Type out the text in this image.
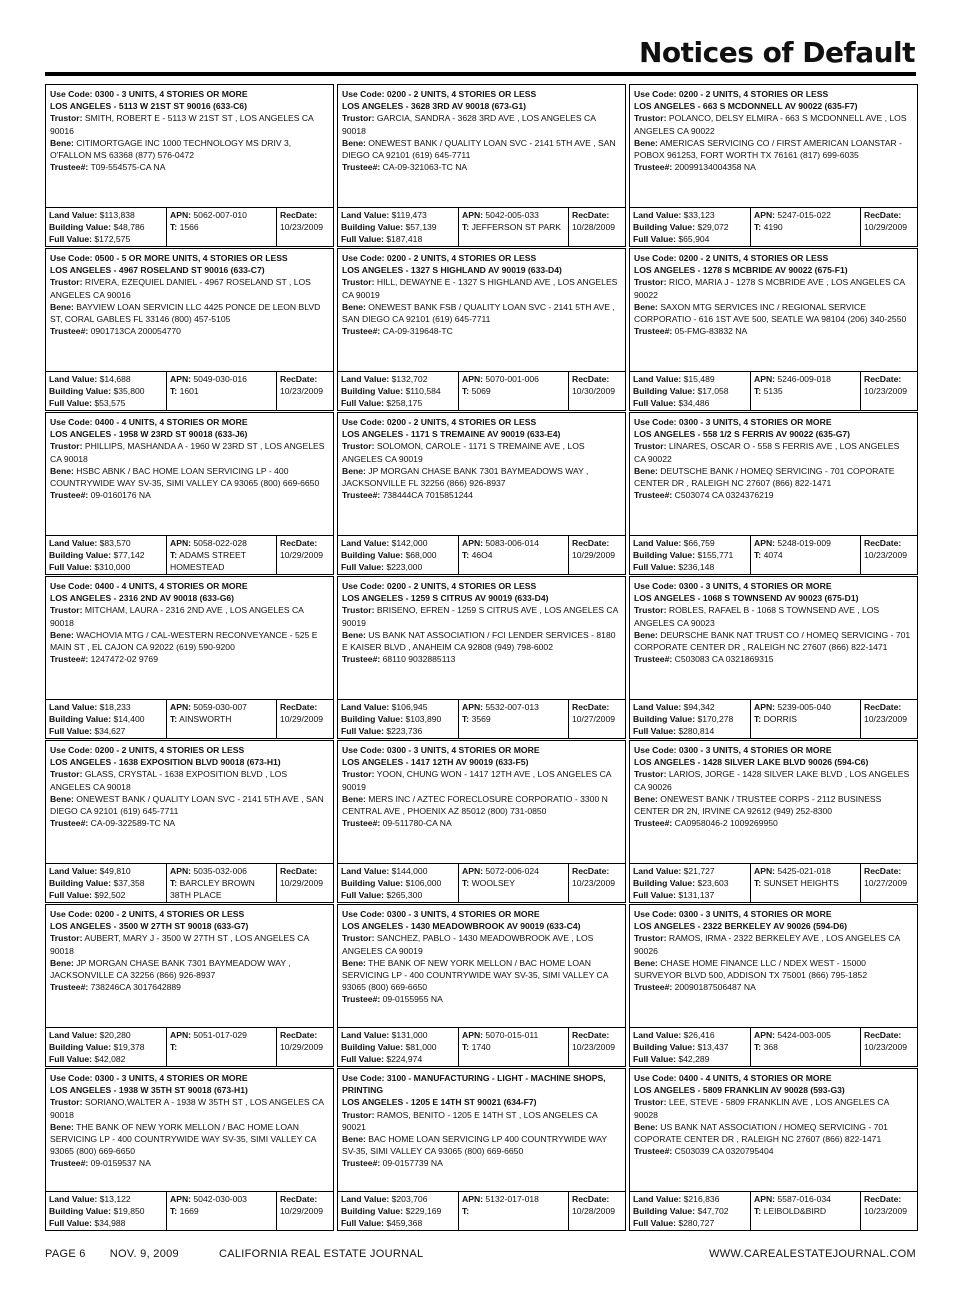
Notices of Default
Use Code: 0300 - 3 UNITS, 4 STORIES OR MORE
LOS ANGELES - 5113 W 21ST ST 90016 (633-C6)
Trustor: SMITH, ROBERT E - 5113 W 21ST ST , LOS ANGELES CA 90016
Bene: CITIMORTGAGE INC 1000 TECHNOLOGY MS DRIV 3, O'FALLON MS 63368 (877) 576-0472
Trustee#: T09-554575-CA NA
Land Value: $113,838
Building Value: $48,786
Full Value: $172,575
APN: 5062-007-010
T: 1566
RecDate:
10/23/2009
Use Code: 0200 - 2 UNITS, 4 STORIES OR LESS
LOS ANGELES - 3628 3RD AV 90018 (673-G1)
Trustor: GARCIA, SANDRA - 3628 3RD AVE , LOS ANGELES CA 90018
Bene: ONEWEST BANK / QUALITY LOAN SVC - 2141 5TH AVE , SAN DIEGO CA 92101 (619) 645-7711
Trustee#: CA-09-321063-TC NA
Land Value: $119,473
Building Value: $57,139
Full Value: $187,418
APN: 5042-005-033
T: JEFFERSON ST PARK
RecDate:
10/28/2009
Use Code: 0200 - 2 UNITS, 4 STORIES OR LESS
LOS ANGELES - 663 S MCDONNELL AV 90022 (635-F7)
Trustor: POLANCO, DELSY ELMIRA - 663 S MCDONNELL AVE , LOS ANGELES CA 90022
Bene: AMERICAS SERVICING CO / FIRST AMERICAN LOANSTAR - POBOX 961253, FORT WORTH TX 76161 (817) 699-6035
Trustee#: 20099134004358 NA
Land Value: $33,123
Building Value: $29,072
Full Value: $65,904
APN: 5247-015-022
T: 4190
RecDate:
10/29/2009
Use Code: 0500 - 5 OR MORE UNITS, 4 STORIES OR LESS
LOS ANGELES - 4967 ROSELAND ST 90016 (633-C7)
Trustor: RIVERA, EZEQUIEL DANIEL - 4967 ROSELAND ST , LOS ANGELES CA 90016
Bene: BAYVIEW LOAN SERVICIN LLC 4425 PONCE DE LEON BLVD ST, CORAL GABLES FL 33146 (800) 457-5105
Trustee#: 0901713CA 200054770
Land Value: $14,688
Building Value: $35,800
Full Value: $53,575
APN: 5049-030-016
T: 1601
RecDate:
10/23/2009
Use Code: 0200 - 2 UNITS, 4 STORIES OR LESS
LOS ANGELES - 1327 S HIGHLAND AV 90019 (633-D4)
Trustor: HILL, DEWAYNE E - 1327 S HIGHLAND AVE , LOS ANGELES CA 90019
Bene: ONEWEST BANK FSB / QUALITY LOAN SVC - 2141 5TH AVE , SAN DIEGO CA 92101 (619) 645-7711
Trustee#: CA-09-319648-TC
Land Value: $132,702
Building Value: $110,584
Full Value: $258,175
APN: 5070-001-006
T: 5069
RecDate:
10/30/2009
Use Code: 0200 - 2 UNITS, 4 STORIES OR LESS
LOS ANGELES - 1278 S MCBRIDE AV 90022 (675-F1)
Trustor: RICO, MARIA J - 1278 S MCBRIDE AVE , LOS ANGELES CA 90022
Bene: SAXON MTG SERVICES INC / REGIONAL SERVICE CORPORATIO - 616 1ST AVE 500, SEATLE WA 98104 (206) 340-2550
Trustee#: 05-FMG-83832 NA
Land Value: $15,489
Building Value: $17,058
Full Value: $34,486
APN: 5246-009-018
T: 5135
RecDate:
10/23/2009
Use Code: 0400 - 4 UNITS, 4 STORIES OR MORE
LOS ANGELES - 1958 W 23RD ST 90018 (633-J6)
Trustor: PHILLIPS, MASHANDA A - 1960 W 23RD ST , LOS ANGELES CA 90018
Bene: HSBC ABNK / BAC HOME LOAN SERVICING LP - 400 COUNTRYWIDE WAY SV-35, SIMI VALLEY CA 93065 (800) 669-6650
Trustee#: 09-0160176 NA
Land Value: $83,570
Building Value: $77,142
Full Value: $310,000
APN: 5058-022-028
T: ADAMS STREET HOMESTEAD
RecDate:
10/29/2009
Use Code: 0200 - 2 UNITS, 4 STORIES OR LESS
LOS ANGELES - 1171 S TREMAINE AV 90019 (633-E4)
Trustor: SOLOMON, CAROLE - 1171 S TREMAINE AVE , LOS ANGELES CA 90019
Bene: JP MORGAN CHASE BANK 7301 BAYMEADOWS WAY , JACKSONVILLE FL 32256 (866) 926-8937
Trustee#: 738444CA 7015851244
Land Value: $142,000
Building Value: $68,000
Full Value: $223,000
APN: 5083-006-014
T: 46O4
RecDate:
10/29/2009
Use Code: 0300 - 3 UNITS, 4 STORIES OR MORE
LOS ANGELES - 558 1/2 S FERRIS AV 90022 (635-G7)
Trustor: LINARES, OSCAR O - 558 S FERRIS AVE , LOS ANGELES CA 90022
Bene: DEUTSCHE BANK / HOMEQ SERVICING - 701 COPORATE CENTER DR , RALEIGH NC 27607 (866) 822-1471
Trustee#: C503074 CA 0324376219
Land Value: $66,759
Building Value: $155,771
Full Value: $236,148
APN: 5248-019-009
T: 4074
RecDate:
10/23/2009
Use Code: 0400 - 4 UNITS, 4 STORIES OR MORE
LOS ANGELES - 2316 2ND AV 90018 (633-G6)
Trustor: MITCHAM, LAURA - 2316 2ND AVE , LOS ANGELES CA 90018
Bene: WACHOVIA MTG / CAL-WESTERN RECONVEYANCE - 525 E MAIN ST , EL CAJON CA 92022 (619) 590-9200
Trustee#: 1247472-02 9769
Land Value: $18,233
Building Value: $14,400
Full Value: $34,627
APN: 5059-030-007
T: AINSWORTH
RecDate:
10/29/2009
Use Code: 0200 - 2 UNITS, 4 STORIES OR LESS
LOS ANGELES - 1259 S CITRUS AV 90019 (633-D4)
Trustor: BRISENO, EFREN - 1259 S CITRUS AVE , LOS ANGELES CA 90019
Bene: US BANK NAT ASSOCIATION / FCI LENDER SERVICES - 8180 E KAISER BLVD , ANAHEIM CA 92808 (949) 798-6002
Trustee#: 68110 9032885113
Land Value: $106,945
Building Value: $103,890
Full Value: $223,736
APN: 5532-007-013
T: 3569
RecDate:
10/27/2009
Use Code: 0300 - 3 UNITS, 4 STORIES OR MORE
LOS ANGELES - 1068 S TOWNSEND AV 90023 (675-D1)
Trustor: ROBLES, RAFAEL B - 1068 S TOWNSEND AVE , LOS ANGELES CA 90023
Bene: DEURSCHE BANK NAT TRUST CO / HOMEQ SERVICING - 701 CORPORATE CENTER DR , RALEIGH NC 27607 (866) 822-1471
Trustee#: C503083 CA 0321869315
Land Value: $94,342
Building Value: $170,278
Full Value: $280,814
APN: 5239-005-040
T: DORRIS
RecDate:
10/23/2009
Use Code: 0200 - 2 UNITS, 4 STORIES OR LESS
LOS ANGELES - 1638 EXPOSITION BLVD 90018 (673-H1)
Trustor: GLASS, CRYSTAL - 1638 EXPOSITION BLVD , LOS ANGELES CA 90018
Bene: ONEWEST BANK / QUALITY LOAN SVC - 2141 5TH AVE , SAN DIEGO CA 92101 (619) 645-7711
Trustee#: CA-09-322589-TC NA
Land Value: $49,810
Building Value: $37,358
Full Value: $92,502
APN: 5035-032-006
T: BARCLEY BROWN 38TH PLACE
RecDate:
10/29/2009
Use Code: 0300 - 3 UNITS, 4 STORIES OR MORE
LOS ANGELES - 1417 12TH AV 90019 (633-F5)
Trustor: YOON, CHUNG WON - 1417 12TH AVE , LOS ANGELES CA 90019
Bene: MERS INC / AZTEC FORECLOSURE CORPORATIO - 3300 N CENTRAL AVE , PHOENIX AZ 85012 (800) 731-0850
Trustee#: 09-511780-CA NA
Land Value: $144,000
Building Value: $106,000
Full Value: $265,300
APN: 5072-006-024
T: WOOLSEY
RecDate:
10/23/2009
Use Code: 0300 - 3 UNITS, 4 STORIES OR MORE
LOS ANGELES - 1428 SILVER LAKE BLVD 90026 (594-C6)
Trustor: LARIOS, JORGE - 1428 SILVER LAKE BLVD , LOS ANGELES CA 90026
Bene: ONEWEST BANK / TRUSTEE CORPS - 2112 BUSINESS CENTER DR 2N, IRVINE CA 92612 (949) 252-8300
Trustee#: CA0958046-2 1009269950
Land Value: $21,727
Building Value: $23,603
Full Value: $131,137
APN: 5425-021-018
T: SUNSET HEIGHTS
RecDate:
10/27/2009
Use Code: 0200 - 2 UNITS, 4 STORIES OR LESS
LOS ANGELES - 3500 W 27TH ST 90018 (633-G7)
Trustor: AUBERT, MARY J - 3500 W 27TH ST , LOS ANGELES CA 90018
Bene: JP MORGAN CHASE BANK 7301 BAYMEADOW WAY , JACKSONVILLE CA 32256 (866) 926-8937
Trustee#: 738246CA 3017642889
Land Value: $20,280
Building Value: $19,378
Full Value: $42,082
APN: 5051-017-029
T:
RecDate:
10/29/2009
Use Code: 0300 - 3 UNITS, 4 STORIES OR MORE
LOS ANGELES - 1430 MEADOWBROOK AV 90019 (633-C4)
Trustor: SANCHEZ, PABLO - 1430 MEADOWBROOK AVE , LOS ANGELES CA 90019
Bene: THE BANK OF NEW YORK MELLON / BAC HOME LOAN SERVICING LP - 400 COUNTRYWIDE WAY SV-35, SIMI VALLEY CA 93065 (800) 669-6650
Trustee#: 09-0155955 NA
Land Value: $131,000
Building Value: $81,000
Full Value: $224,974
APN: 5070-015-011
T: 1740
RecDate:
10/23/2009
Use Code: 0300 - 3 UNITS, 4 STORIES OR MORE
LOS ANGELES - 2322 BERKELEY AV 90026 (594-D6)
Trustor: RAMOS, IRMA - 2322 BERKELEY AVE , LOS ANGELES CA 90026
Bene: CHASE HOME FINANCE LLC / NDEX WEST - 15000 SURVEYOR BLVD 500, ADDISON TX 75001 (866) 795-1852
Trustee#: 20090187506487 NA
Land Value: $26,416
Building Value: $13,437
Full Value: $42,289
APN: 5424-003-005
T: 368
RecDate:
10/23/2009
Use Code: 0300 - 3 UNITS, 4 STORIES OR MORE
LOS ANGELES - 1938 W 35TH ST 90018 (673-H1)
Trustor: SORIANO,WALTER A - 1938 W 35TH ST , LOS ANGELES CA 90018
Bene: THE BANK OF NEW YORK MELLON / BAC HOME LOAN SERVICING LP - 400 COUNTRYWIDE WAY SV-35, SIMI VALLEY CA 93065 (800) 669-6650
Trustee#: 09-0159537 NA
Land Value: $13,122
Building Value: $19,850
Full Value: $34,988
APN: 5042-030-003
T: 1669
RecDate:
10/29/2009
Use Code: 3100 - MANUFACTURING - LIGHT - MACHINE SHOPS, PRINTING
LOS ANGELES - 1205 E 14TH ST 90021 (634-F7)
Trustor: RAMOS, BENITO - 1205 E 14TH ST , LOS ANGELES CA 90021
Bene: BAC HOME LOAN SERVICING LP 400 COUNTRYWIDE WAY SV-35, SIMI VALLEY CA 93065 (800) 669-6650
Trustee#: 09-0157739 NA
Land Value: $203,706
Building Value: $229,169
Full Value: $459,368
APN: 5132-017-018
T:
RecDate:
10/28/2009
Use Code: 0400 - 4 UNITS, 4 STORIES OR MORE
LOS ANGELES - 5809 FRANKLIN AV 90028 (593-G3)
Trustor: LEE, STEVE - 5809 FRANKLIN AVE , LOS ANGELES CA 90028
Bene: US BANK NAT ASSOCIATION / HOMEQ SERVICING - 701 COPORATE CENTER DR , RALEIGH NC 27607 (866) 822-1471
Trustee#: C503039 CA 0320795404
Land Value: $216,836
Building Value: $47,702
Full Value: $280,727
APN: 5587-016-034
T: LEIBOLD&BIRD
RecDate:
10/23/2009
PAGE 6 NOV. 9, 2009	CALIFORNIA REAL ESTATE JOURNAL	WWW.CAREALESTATEJOURNAL.COM
